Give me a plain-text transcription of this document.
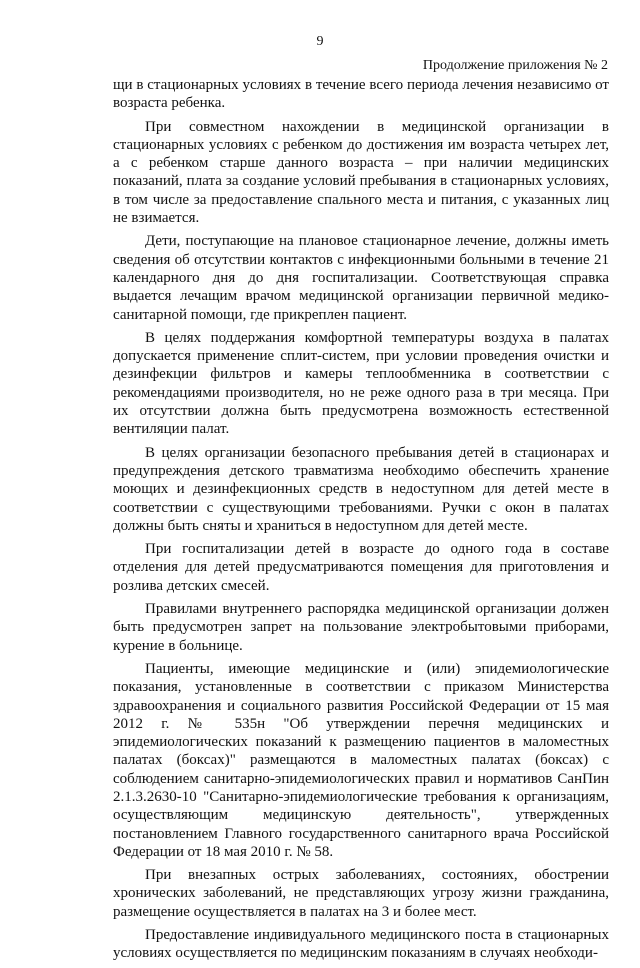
9
Продолжение приложения № 2

щи в стационарных условиях в течение всего периода лечения независимо от возраста ребенка.

При совместном нахождении в медицинской организации в стационарных условиях с ребенком до достижения им возраста четырех лет, а с ребенком старше данного возраста – при наличии медицинских показаний, плата за создание условий пребывания в стационарных условиях, в том числе за предоставление спального места и питания, с указанных лиц не взимается.

Дети, поступающие на плановое стационарное лечение, должны иметь сведения об отсутствии контактов с инфекционными больными в течение 21 календарного дня до дня госпитализации. Соответствующая справка выдается лечащим врачом медицинской организации первичной медико-санитарной помощи, где прикреплен пациент.

В целях поддержания комфортной температуры воздуха в палатах допускается применение сплит-систем, при условии проведения очистки и дезинфекции фильтров и камеры теплообменника в соответствии с рекомендациями производителя, но не реже одного раза в три месяца. При их отсутствии должна быть предусмотрена возможность естественной вентиляции палат.

В целях организации безопасного пребывания детей в стационарах и предупреждения детского травматизма необходимо обеспечить хранение моющих и дезинфекционных средств в недоступном для детей месте в соответствии с существующими требованиями. Ручки с окон в палатах должны быть сняты и храниться в недоступном для детей месте.

При госпитализации детей в возрасте до одного года в составе отделения для детей предусматриваются помещения для приготовления и розлива детских смесей.

Правилами внутреннего распорядка медицинской организации должен быть предусмотрен запрет на пользование электробытовыми приборами, курение в больнице.

Пациенты, имеющие медицинские и (или) эпидемиологические показания, установленные в соответствии с приказом Министерства здравоохранения и социального развития Российской Федерации от 15 мая 2012 г. № 535н "Об утверждении перечня медицинских и эпидемиологических показаний к размещению пациентов в маломестных палатах (боксах)" размещаются в маломестных палатах (боксах) с соблюдением санитарно-эпидемиологических правил и нормативов СанПин 2.1.3.2630-10 "Санитарно-эпидемиологические требования к организациям, осуществляющим медицинскую деятельность", утвержденных постановлением Главного государственного санитарного врача Российской Федерации от 18 мая 2010 г. № 58.

При внезапных острых заболеваниях, состояниях, обострении хронических заболеваний, не представляющих угрозу жизни гражданина, размещение осуществляется в палатах на 3 и более мест.

Предоставление индивидуального медицинского поста в стационарных условиях осуществляется по медицинским показаниям в случаях необходи-
